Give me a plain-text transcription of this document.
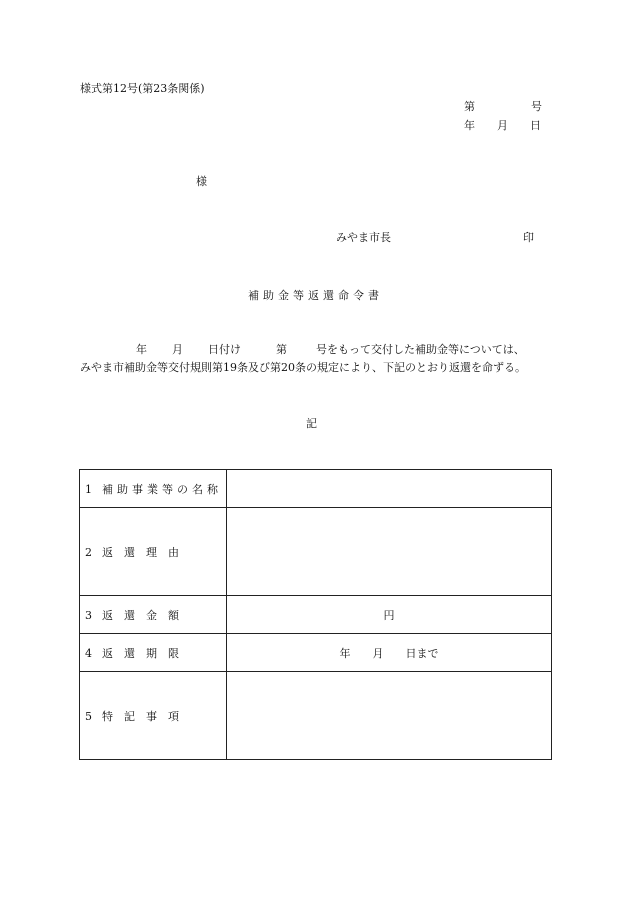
様式第12号(第23条関係)
第	号
年 月 日
様
みやま市長	印
補助金等返還命令書
年 月 日付け	第	号をもって交付した補助金等については、
みやま市補助金等交付規則第19条及び第20条の規定により、下記のとおり返還を命ずる。
記
1 補助事業等の名称	
2 返　還　理　由	
3 返　還　金　額	円
4 返　還　期　限	年　　月　　日まで
5 特　記　事　項	
